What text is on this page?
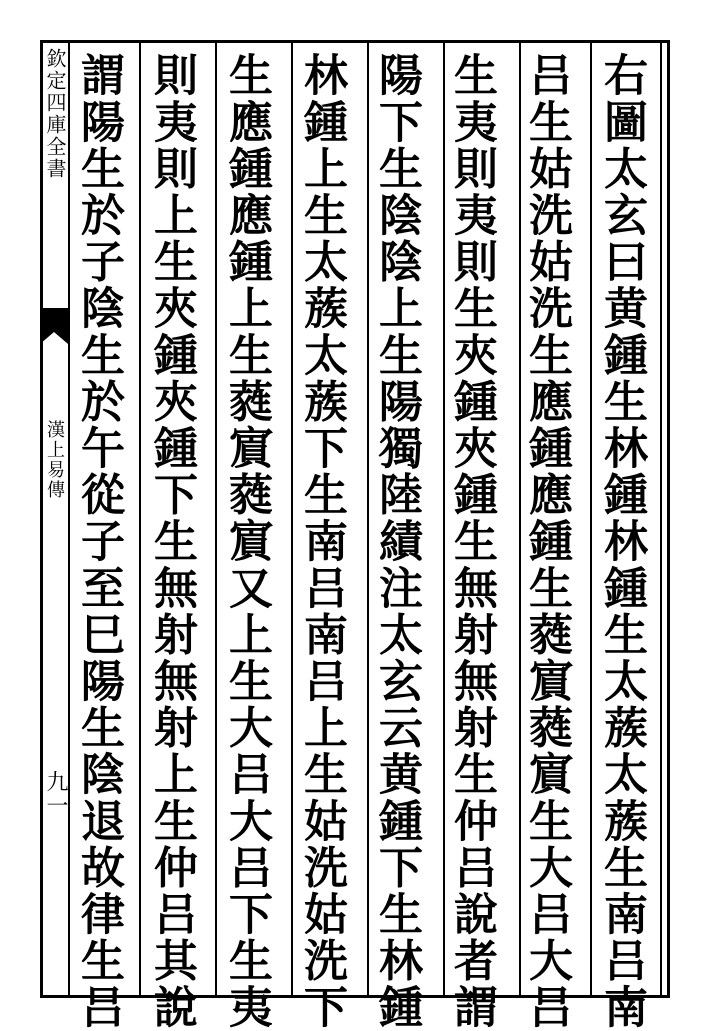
欽定四庫全書
漢上易傳
九一	右圖太玄曰黄鍾生林鍾林鍾生太蔟太蔟生南吕南
吕生姑洗姑洗生應鍾應鍾生蕤賔蕤賔生大吕大吕
生夷則夷則生夾鍾夾鍾生無射無射生仲吕說者謂
陽下生陰陰上生陽獨陸績注太玄云黄鍾下生林鍾
林鍾上生太蔟太蔟下生南吕南吕上生姑洗姑洗下
生應鍾應鍾上生蕤賔蕤賔又上生大吕大吕下生夷
則夷則上生夾鍾夾鍾下生無射無射上生仲吕其說
謂陽生於子陰生於午從子至巳陽生陰退故律生吕
